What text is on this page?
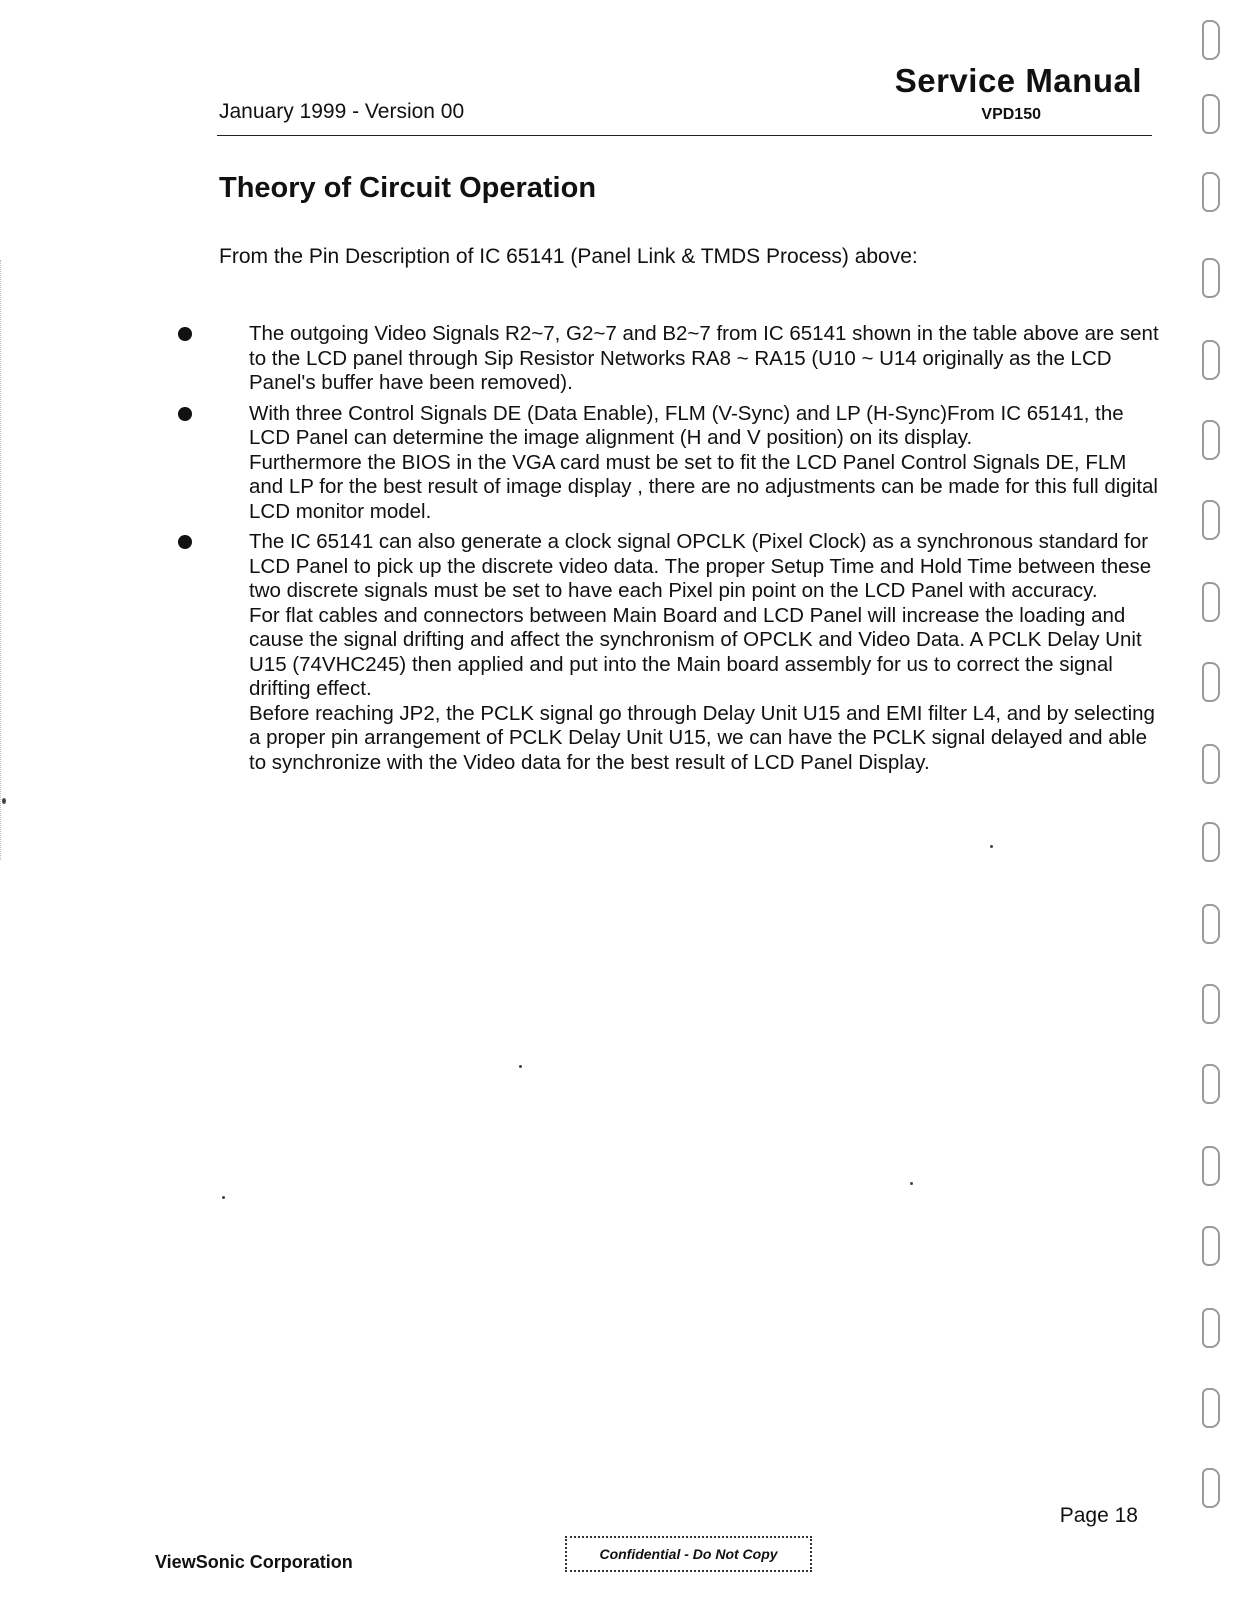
January 1999 - Version 00
Service Manual
VPD150
Theory of Circuit Operation
From the Pin Description of IC 65141 (Panel Link & TMDS Process) above:

The outgoing Video Signals R2~7, G2~7 and B2~7 from IC 65141 shown in the table above are sent to the LCD panel through Sip Resistor Networks RA8 ~ RA15 (U10 ~ U14 originally as the LCD Panel's buffer have been removed).

With three Control Signals DE (Data Enable), FLM (V-Sync) and LP (H-Sync)From IC 65141, the LCD Panel can determine the image alignment (H and V position) on its display.

Furthermore the BIOS in the VGA card must be set to fit the LCD Panel Control Signals DE, FLM and LP for the best result of image display , there are no adjustments can be made for this full digital LCD monitor model.

The IC 65141 can also generate a clock signal OPCLK (Pixel Clock) as a synchronous standard for LCD Panel to pick up the discrete video data. The proper Setup Time and Hold Time between these two discrete signals must be set to have each Pixel pin point on the LCD Panel with accuracy.

For flat cables and connectors between Main Board and LCD Panel will increase the loading and cause the signal drifting and affect the synchronism of OPCLK and Video Data. A PCLK Delay Unit U15 (74VHC245) then applied and put into the Main board assembly for us to correct the signal drifting effect.

Before reaching JP2, the PCLK signal go through Delay Unit U15 and EMI filter L4, and by selecting a proper pin arrangement of PCLK Delay Unit U15, we can have the PCLK signal delayed and able to synchronize with the Video data for the best result of LCD Panel Display.

Page 18
ViewSonic Corporation	Confidential - Do Not Copy
